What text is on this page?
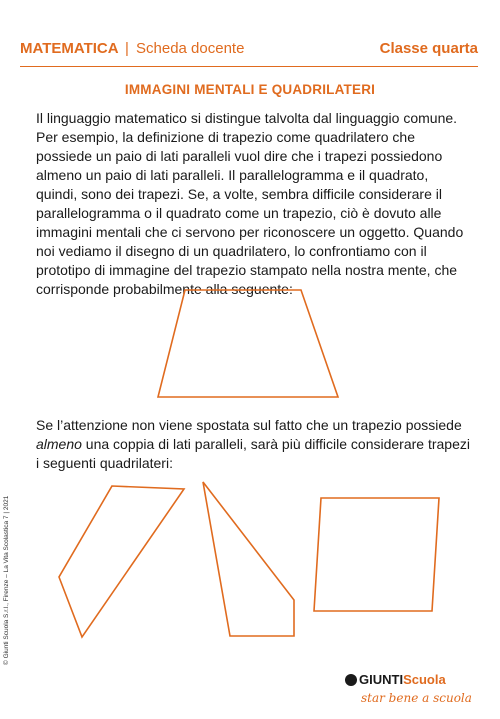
MATEMATICA | Scheda docente	Classe quarta
IMMAGINI MENTALI E QUADRILATERI

Il linguaggio matematico si distingue talvolta dal linguaggio comune. Per esempio, la definizione di trapezio come quadrilatero che possiede un paio di lati paralleli vuol dire che i trapezi possiedono almeno un paio di lati paralleli. Il parallelogramma e il quadrato, quindi, sono dei trapezi. Se, a volte, sembra difficile considerare il parallelogramma o il quadrato come un trapezio, ciò è dovuto alle immagini mentali che ci servono per riconoscere un oggetto. Quando noi vediamo il disegno di un quadrilatero, lo confrontiamo con il prototipo di immagine del trapezio stampato nella nostra mente, che corrisponde probabilmente alla seguente:

Se l’attenzione non viene spostata sul fatto che un trapezio possiede almeno una coppia di lati paralleli, sarà più difficile considerare trapezi i seguenti quadrilateri:

© Giunti Scuola S.r.l., Firenze – La Vita Scolastica 7 | 2021
GIUNTIScuola
star bene a scuola
